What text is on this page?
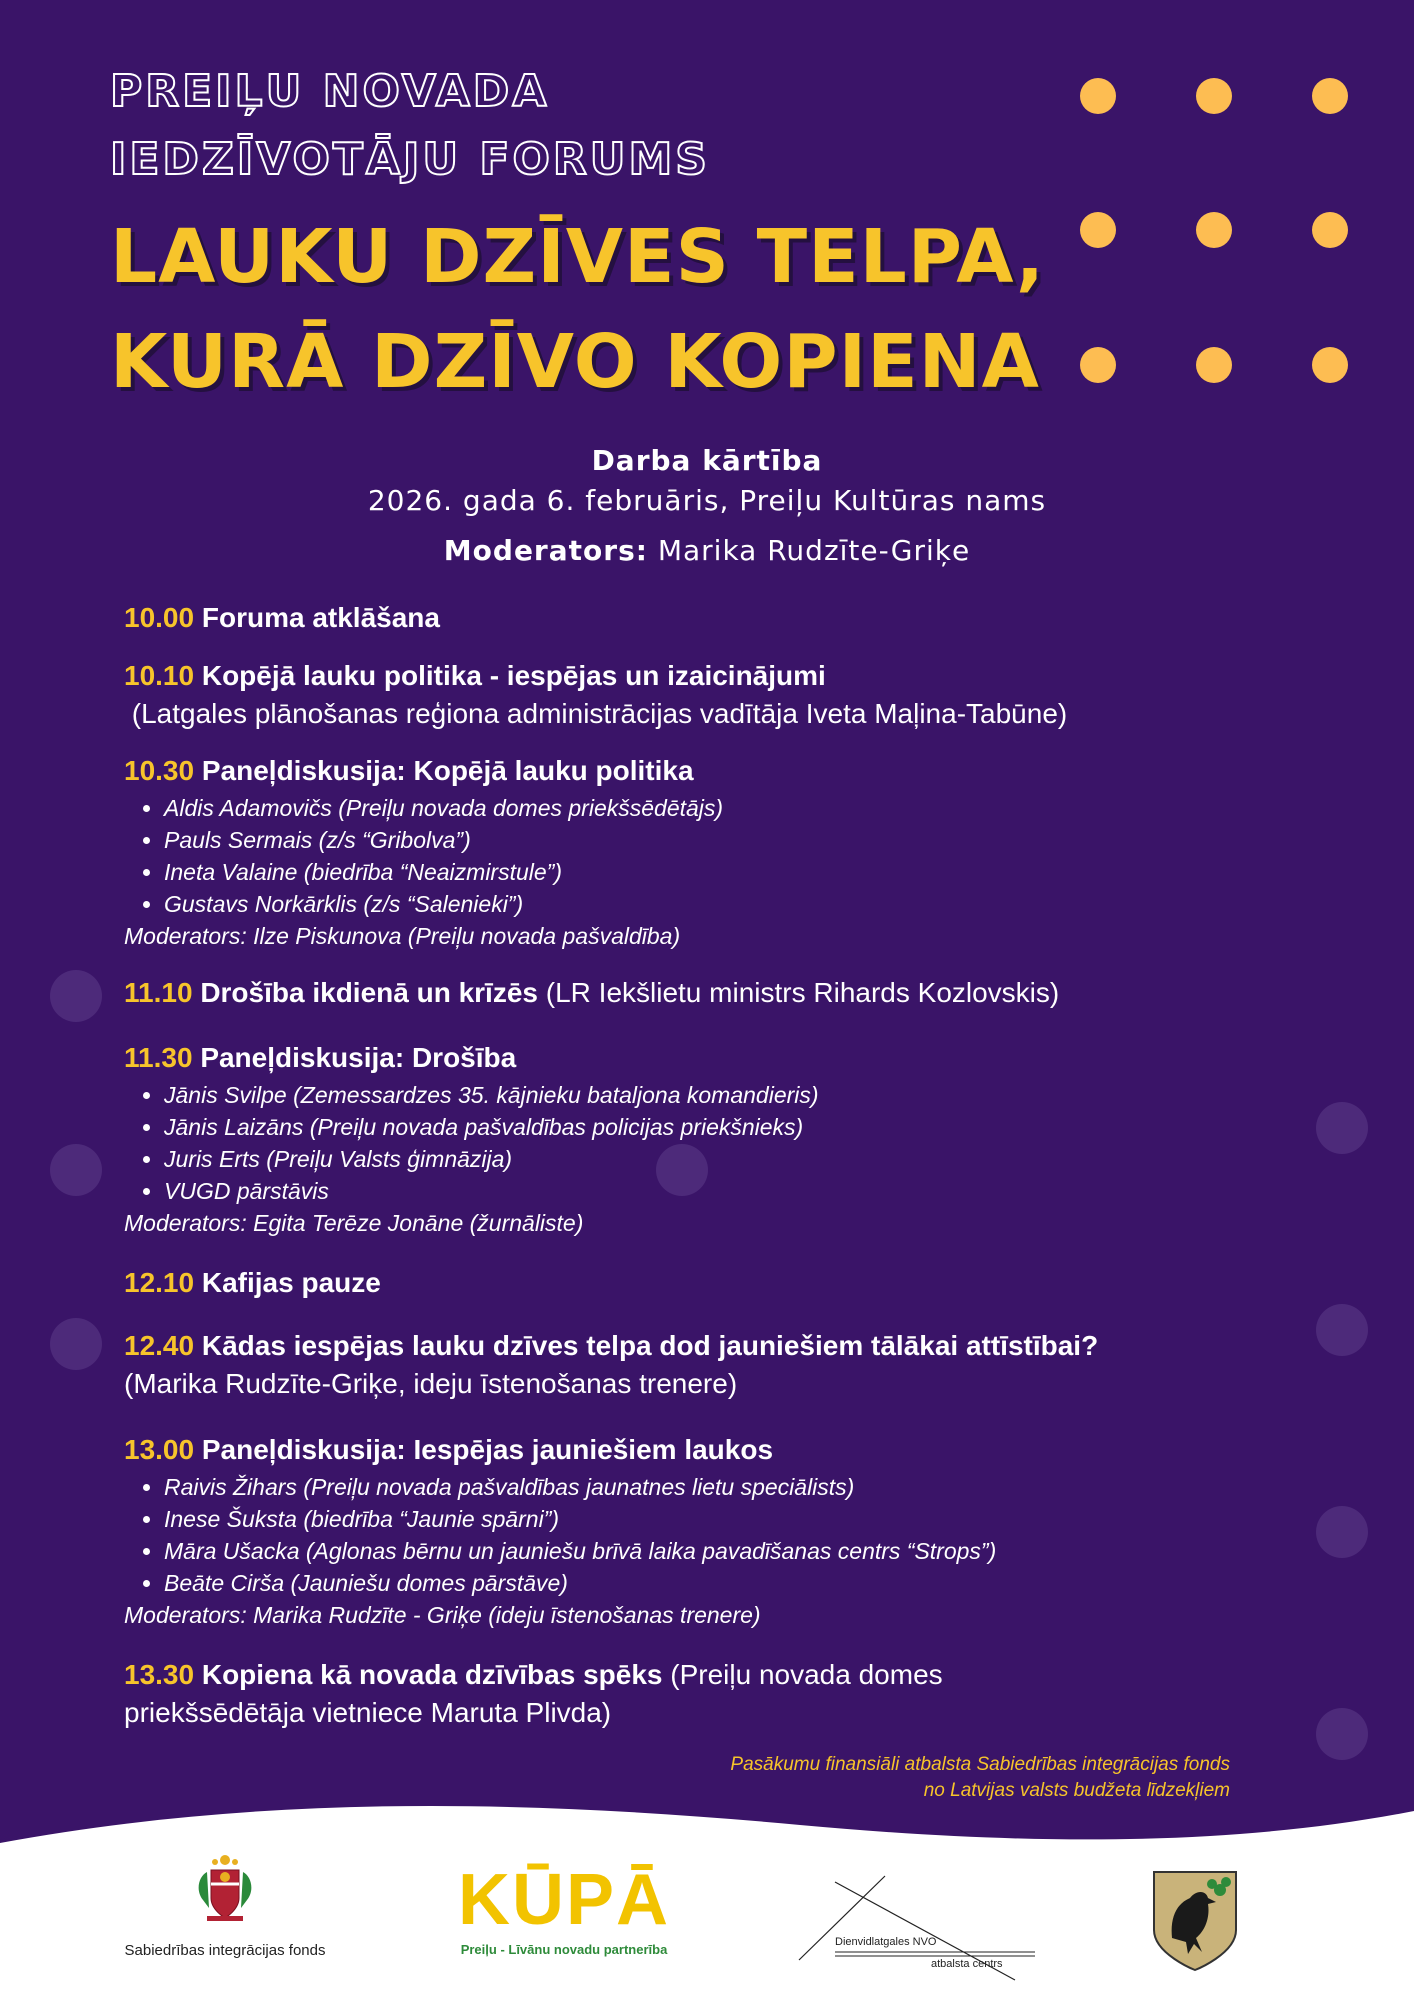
PREIĻU NOVADA
IEDZĪVOTĀJU FORUMS
LAUKU DZĪVES TELPA,
KURĀ DZĪVO KOPIENA
Darba kārtība
2026. gada 6. februāris, Preiļu Kultūras nams
Moderators: Marika Rudzīte-Griķe
10.00 Foruma atklāšana
10.10 Kopējā lauku politika - iespējas un izaicinājumi
(Latgales plānošanas reģiona administrācijas vadītāja Iveta Maļina-Tabūne)
10.30 Paneļdiskusija: Kopējā lauku politika
• Aldis Adamovičs (Preiļu novada domes priekšsēdētājs)
• Pauls Sermais (z/s “Gribolva”)
• Ineta Valaine (biedrība “Neaizmirstule”)
• Gustavs Norkārklis (z/s “Salenieki”)
Moderators: Ilze Piskunova (Preiļu novada pašvaldība)
11.10 Drošība ikdienā un krīzēs (LR Iekšlietu ministrs Rihards Kozlovskis)
11.30 Paneļdiskusija: Drošība
• Jānis Svilpe (Zemessardzes 35. kājnieku bataljona komandieris)
• Jānis Laizāns (Preiļu novada pašvaldības policijas priekšnieks)
• Juris Erts (Preiļu Valsts ģimnāzija)
• VUGD pārstāvis
Moderators: Egita Terēze Jonāne (žurnāliste)
12.10 Kafijas pauze
12.40 Kādas iespējas lauku dzīves telpa dod jauniešiem tālākai attīstībai?
(Marika Rudzīte-Griķe, ideju īstenošanas trenere)
13.00 Paneļdiskusija: Iespējas jauniešiem laukos
• Raivis Žihars (Preiļu novada pašvaldības jaunatnes lietu speciālists)
• Inese Šuksta (biedrība “Jaunie spārni”)
• Māra Ušacka (Aglonas bērnu un jauniešu brīvā laika pavadīšanas centrs “Strops”)
• Beāte Cirša (Jauniešu domes pārstāve)
Moderators: Marika Rudzīte - Griķe (ideju īstenošanas trenere)
13.30 Kopiena kā novada dzīvības spēks (Preiļu novada domes
priekšsēdētāja vietniece Maruta Plivda)
Pasākumu finansiāli atbalsta Sabiedrības integrācijas fonds
no Latvijas valsts budžeta līdzekļiem
Sabiedrības integrācijas fonds
KŪPĀ
Preiļu - Līvānu novadu partnerība	Dienvidlatgales NVO
atbalsta centrs
